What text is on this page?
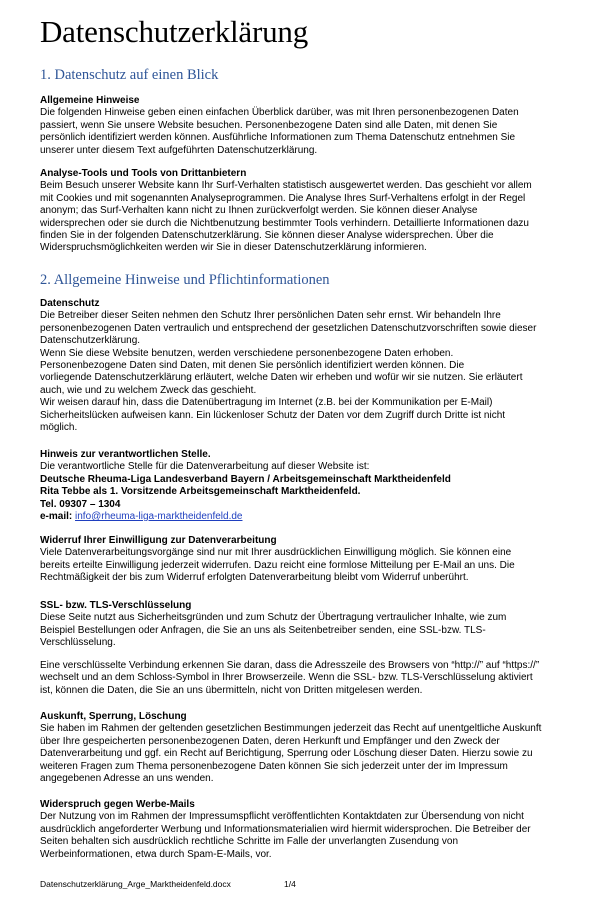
Datenschutzerklärung
1. Datenschutz auf einen Blick

Allgemeine Hinweise

Die folgenden Hinweise geben einen einfachen Überblick darüber, was mit Ihren personenbezogenen Daten
passiert, wenn Sie unsere Website besuchen. Personenbezogene Daten sind alle Daten, mit denen Sie
persönlich identifiziert werden können. Ausführliche Informationen zum Thema Datenschutz entnehmen Sie
unserer unter diesem Text aufgeführten Datenschutzerklärung.

Analyse-Tools und Tools von Drittanbietern

Beim Besuch unserer Website kann Ihr Surf-Verhalten statistisch ausgewertet werden. Das geschieht vor allem
mit Cookies und mit sogenannten Analyseprogrammen. Die Analyse Ihres Surf-Verhaltens erfolgt in der Regel
anonym; das Surf-Verhalten kann nicht zu Ihnen zurückverfolgt werden. Sie können dieser Analyse
widersprechen oder sie durch die Nichtbenutzung bestimmter Tools verhindern. Detaillierte Informationen dazu
finden Sie in der folgenden Datenschutzerklärung. Sie können dieser Analyse widersprechen. Über die
Widerspruchsmöglichkeiten werden wir Sie in dieser Datenschutzerklärung informieren.

2. Allgemeine Hinweise und Pflichtinformationen

Datenschutz

Die Betreiber dieser Seiten nehmen den Schutz Ihrer persönlichen Daten sehr ernst. Wir behandeln Ihre
personenbezogenen Daten vertraulich und entsprechend der gesetzlichen Datenschutzvorschriften sowie dieser
Datenschutzerklärung.
Wenn Sie diese Website benutzen, werden verschiedene personenbezogene Daten erhoben.
Personenbezogene Daten sind Daten, mit denen Sie persönlich identifiziert werden können. Die
vorliegende Datenschutzerklärung erläutert, welche Daten wir erheben und wofür wir sie nutzen. Sie erläutert
auch, wie und zu welchem Zweck das geschieht.
Wir weisen darauf hin, dass die Datenübertragung im Internet (z.B. bei der Kommunikation per E-Mail)
Sicherheitslücken aufweisen kann. Ein lückenloser Schutz der Daten vor dem Zugriff durch Dritte ist nicht
möglich.

Hinweis zur verantwortlichen Stelle.

Die verantwortliche Stelle für die Datenverarbeitung auf dieser Website ist:

Deutsche Rheuma-Liga Landesverband Bayern / Arbeitsgemeinschaft Marktheidenfeld

Rita Tebbe als 1. Vorsitzende Arbeitsgemeinschaft Marktheidenfeld.

Tel. 09307 – 1304

e-mail: info@rheuma-liga-marktheidenfeld.de

Widerruf Ihrer Einwilligung zur Datenverarbeitung

Viele Datenverarbeitungsvorgänge sind nur mit Ihrer ausdrücklichen Einwilligung möglich. Sie können eine
bereits erteilte Einwilligung jederzeit widerrufen. Dazu reicht eine formlose Mitteilung per E-Mail an uns. Die
Rechtmäßigkeit der bis zum Widerruf erfolgten Datenverarbeitung bleibt vom Widerruf unberührt.

SSL- bzw. TLS-Verschlüsselung

Diese Seite nutzt aus Sicherheitsgründen und zum Schutz der Übertragung vertraulicher Inhalte, wie zum
Beispiel Bestellungen oder Anfragen, die Sie an uns als Seitenbetreiber senden, eine SSL-bzw. TLS-
Verschlüsselung.

Eine verschlüsselte Verbindung erkennen Sie daran, dass die Adresszeile des Browsers von “http://” auf “https://”
wechselt und an dem Schloss-Symbol in Ihrer Browserzeile. Wenn die SSL- bzw. TLS-Verschlüsselung aktiviert
ist, können die Daten, die Sie an uns übermitteln, nicht von Dritten mitgelesen werden.

Auskunft, Sperrung, Löschung

Sie haben im Rahmen der geltenden gesetzlichen Bestimmungen jederzeit das Recht auf unentgeltliche Auskunft
über Ihre gespeicherten personenbezogenen Daten, deren Herkunft und Empfänger und den Zweck der
Datenverarbeitung und ggf. ein Recht auf Berichtigung, Sperrung oder Löschung dieser Daten. Hierzu sowie zu
weiteren Fragen zum Thema personenbezogene Daten können Sie sich jederzeit unter der im Impressum
angegebenen Adresse an uns wenden.

Widerspruch gegen Werbe-Mails

Der Nutzung von im Rahmen der Impressumspflicht veröffentlichten Kontaktdaten zur Übersendung von nicht
ausdrücklich angeforderter Werbung und Informationsmaterialien wird hiermit widersprochen. Die Betreiber der
Seiten behalten sich ausdrücklich rechtliche Schritte im Falle der unverlangten Zusendung von
Werbeinformationen, etwa durch Spam-E-Mails, vor.

Datenschutzerklärung_Arge_Marktheidenfeld.docx	1/4
